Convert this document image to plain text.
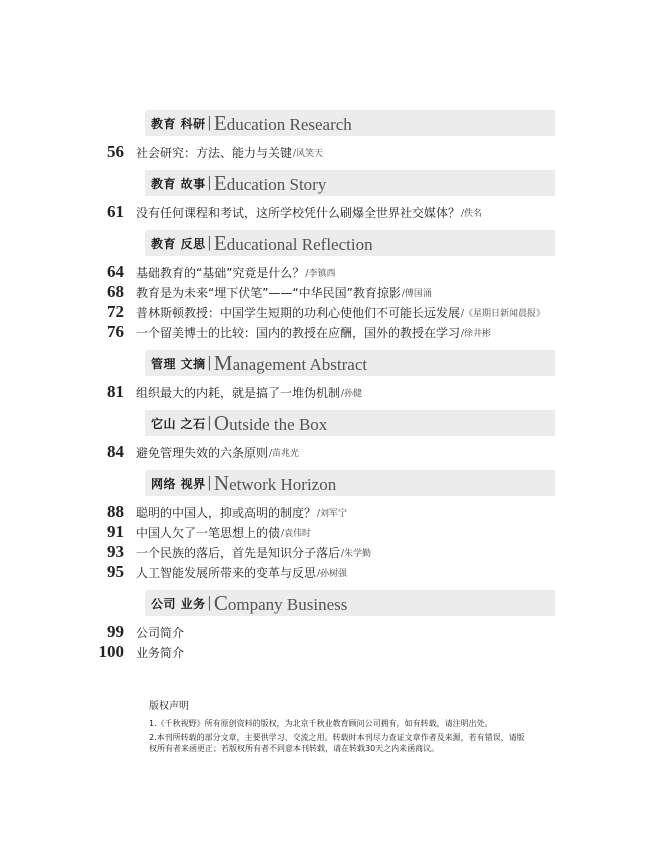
教育 科研 | Education Research
56	社会研究：方法、能力与关键 /风笑天
教育 故事 | Education Story
61	没有任何课程和考试，这所学校凭什么刷爆全世界社交媒体？ /佚名
教育 反思 | Educational Reflection
64	基础教育的“基础”究竟是什么？ /李镇西
68	教育是为未来“埋下伏笔”——“中华民国”教育掠影 /傅国涌
72	普林斯顿教授：中国学生短期的功利心使他们不可能长远发展 /《星期日新闻晨报》
76	一个留美博士的比较：国内的教授在应酬，国外的教授在学习 /徐井彬
管理 文摘 | Management Abstract
81	组织最大的内耗，就是搞了一堆伪机制 /孙健
它山 之石 | Outside the Box
84	避免管理失效的六条原则 /苗兆光
网络 视界 | Network Horizon
88	聪明的中国人，抑或高明的制度？ /刘军宁
91	中国人欠了一笔思想上的债 /袁伟时
93	一个民族的落后，首先是知识分子落后 /朱学勤
95	人工智能发展所带来的变革与反思 /孙树强
公司 业务 | Company Business
99	公司简介
100	业务简介
版权声明
1.《千秋视野》所有原创资料的版权，为北京千秋业教育顾问公司拥有，如有转载，请注明出处。
2.本刊所转载的部分文章，主要供学习、交流之用。转载时本刊尽力查证文章作者及来源，若有错误，请版权所有者来函更正；若版权所有者不同意本刊转载，请在转载30天之内来函商议。
